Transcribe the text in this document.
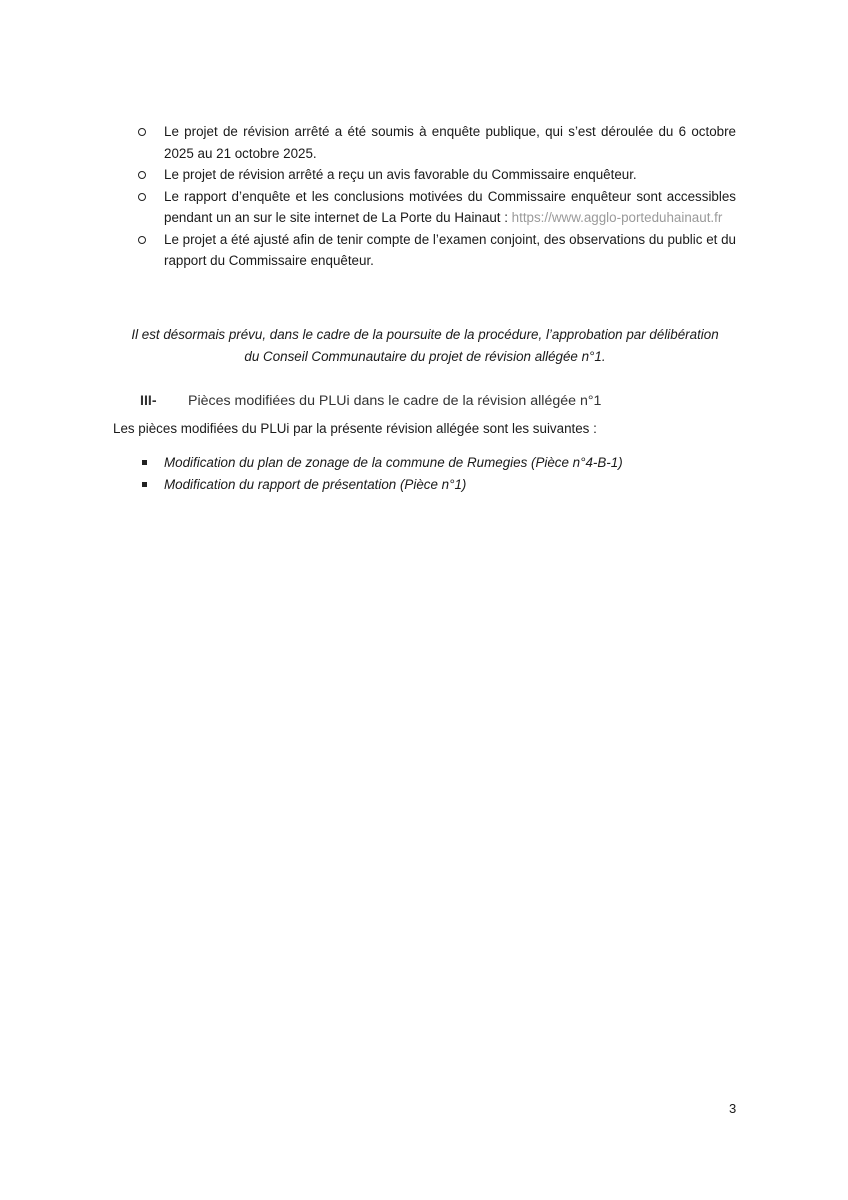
Le projet de révision arrêté a été soumis à enquête publique, qui s’est déroulée du 6 octobre 2025 au 21 octobre 2025.
Le projet de révision arrêté a reçu un avis favorable du Commissaire enquêteur.
Le rapport d’enquête et les conclusions motivées du Commissaire enquêteur sont accessibles pendant un an sur le site internet de La Porte du Hainaut : https://www.agglo-porteduhainaut.fr
Le projet a été ajusté afin de tenir compte de l’examen conjoint, des observations du public et du rapport du Commissaire enquêteur.
Il est désormais prévu, dans le cadre de la poursuite de la procédure, l’approbation par délibération du Conseil Communautaire du projet de révision allégée n°1.
III- Pièces modifiées du PLUi dans le cadre de la révision allégée n°1
Les pièces modifiées du PLUi par la présente révision allégée sont les suivantes :
Modification du plan de zonage de la commune de Rumegies (Pièce n°4-B-1)
Modification du rapport de présentation (Pièce n°1)
3
